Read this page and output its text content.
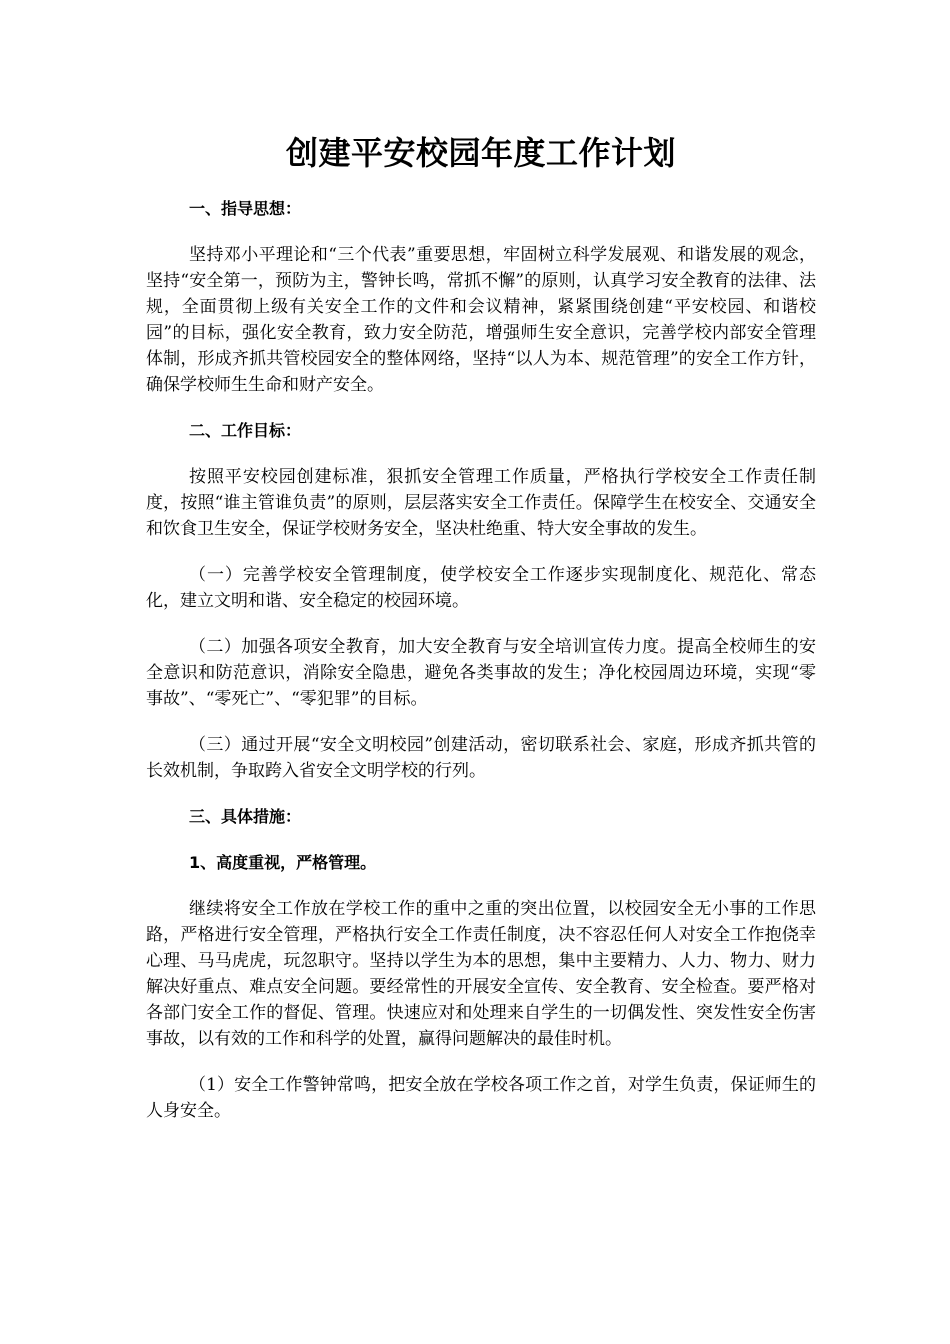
创建平安校园年度工作计划

一、指导思想：

坚持邓小平理论和“三个代表”重要思想，牢固树立科学发展观、和谐发展的观念，坚持“安全第一，预防为主，警钟长鸣，常抓不懈”的原则，认真学习安全教育的法律、法规，全面贯彻上级有关安全工作的文件和会议精神，紧紧围绕创建“平安校园、和谐校园”的目标，强化安全教育，致力安全防范，增强师生安全意识，完善学校内部安全管理体制，形成齐抓共管校园安全的整体网络，坚持“以人为本、规范管理”的安全工作方针，确保学校师生生命和财产安全。

二、工作目标：

按照平安校园创建标准，狠抓安全管理工作质量，严格执行学校安全工作责任制度，按照“谁主管谁负责”的原则，层层落实安全工作责任。保障学生在校安全、交通安全和饮食卫生安全，保证学校财务安全，坚决杜绝重、特大安全事故的发生。

（一）完善学校安全管理制度，使学校安全工作逐步实现制度化、规范化、常态化，建立文明和谐、安全稳定的校园环境。

（二）加强各项安全教育，加大安全教育与安全培训宣传力度。提高全校师生的安全意识和防范意识，消除安全隐患，避免各类事故的发生；净化校园周边环境，实现“零事故”、“零死亡”、“零犯罪”的目标。

（三）通过开展“安全文明校园”创建活动，密切联系社会、家庭，形成齐抓共管的长效机制，争取跨入省安全文明学校的行列。

三、具体措施：

1、高度重视，严格管理。

继续将安全工作放在学校工作的重中之重的突出位置，以校园安全无小事的工作思路，严格进行安全管理，严格执行安全工作责任制度，决不容忍任何人对安全工作抱侥幸心理、马马虎虎，玩忽职守。坚持以学生为本的思想，集中主要精力、人力、物力、财力解决好重点、难点安全问题。要经常性的开展安全宣传、安全教育、安全检查。要严格对各部门安全工作的督促、管理。快速应对和处理来自学生的一切偶发性、突发性安全伤害事故，以有效的工作和科学的处置，赢得问题解决的最佳时机。

（1）安全工作警钟常鸣，把安全放在学校各项工作之首，对学生负责，保证师生的人身安全。
